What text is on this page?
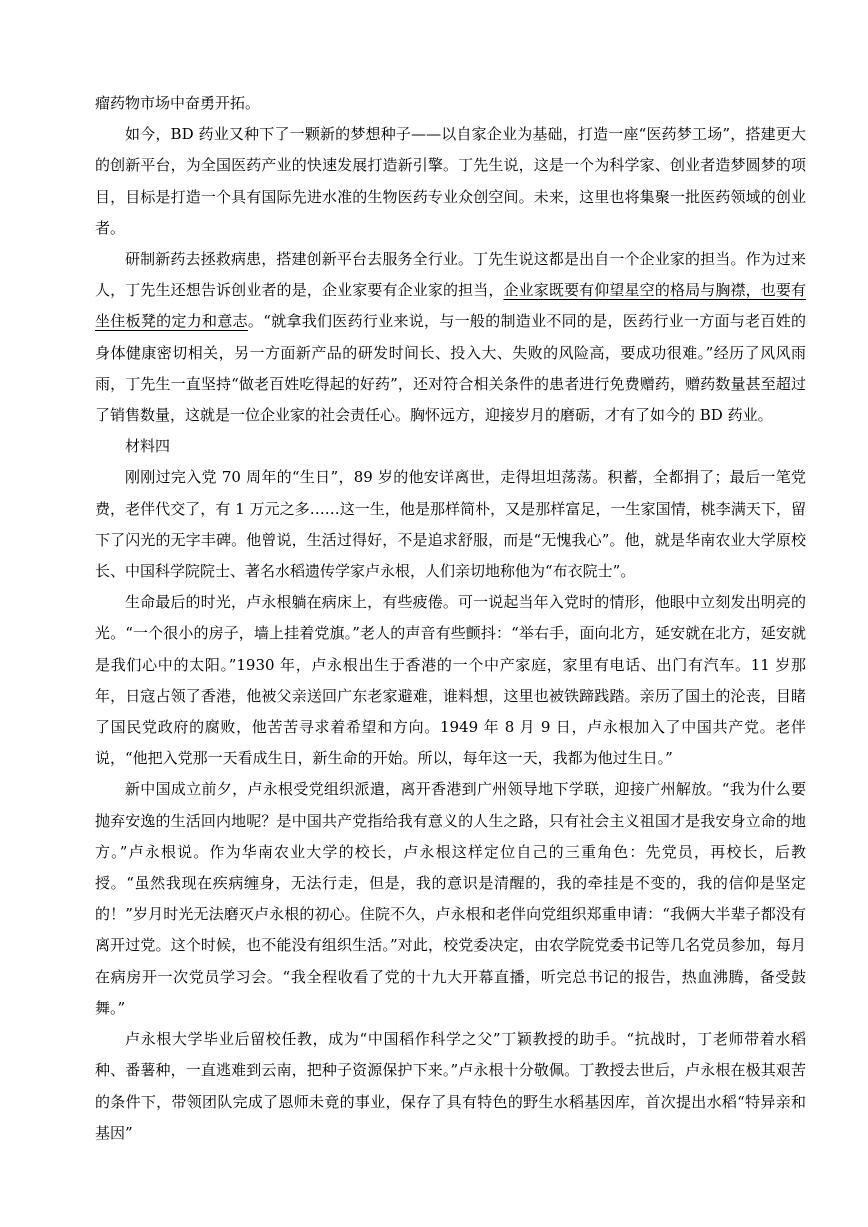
瘤药物市场中奋勇开拓。

如今，BD 药业又种下了一颗新的梦想种子——以自家企业为基础，打造一座“医药梦工场”，搭建更大的创新平台，为全国医药产业的快速发展打造新引擎。丁先生说，这是一个为科学家、创业者造梦圆梦的项目，目标是打造一个具有国际先进水准的生物医药专业众创空间。未来，这里也将集聚一批医药领域的创业者。

研制新药去拯救病患，搭建创新平台去服务全行业。丁先生说这都是出自一个企业家的担当。作为过来人，丁先生还想告诉创业者的是，企业家要有企业家的担当，企业家既要有仰望星空的格局与胸襟，也要有坐住板凳的定力和意志。“就拿我们医药行业来说，与一般的制造业不同的是，医药行业一方面与老百姓的身体健康密切相关，另一方面新产品的研发时间长、投入大、失败的风险高，要成功很难。”经历了风风雨雨，丁先生一直坚持“做老百姓吃得起的好药”，还对符合相关条件的患者进行免费赠药，赠药数量甚至超过了销售数量，这就是一位企业家的社会责任心。胸怀远方，迎接岁月的磨砺，才有了如今的 BD 药业。

材料四

刚刚过完入党 70 周年的“生日”，89 岁的他安详离世，走得坦坦荡荡。积蓄，全都捐了；最后一笔党费，老伴代交了，有 1 万元之多……这一生，他是那样简朴，又是那样富足，一生家国情，桃李满天下，留下了闪光的无字丰碑。他曾说，生活过得好，不是追求舒服，而是“无愧我心”。他，就是华南农业大学原校长、中国科学院院士、著名水稻遗传学家卢永根，人们亲切地称他为“布衣院士”。

生命最后的时光，卢永根躺在病床上，有些疲倦。可一说起当年入党时的情形，他眼中立刻发出明亮的光。“一个很小的房子，墙上挂着党旗。”老人的声音有些颤抖：“举右手，面向北方，延安就在北方，延安就是我们心中的太阳。”1930 年，卢永根出生于香港的一个中产家庭，家里有电话、出门有汽车。11 岁那年，日寇占领了香港，他被父亲送回广东老家避难，谁料想，这里也被铁蹄践踏。亲历了国土的沦丧，目睹了国民党政府的腐败，他苦苦寻求着希望和方向。1949 年 8 月 9 日，卢永根加入了中国共产党。老伴说，“他把入党那一天看成生日，新生命的开始。所以，每年这一天，我都为他过生日。”

新中国成立前夕，卢永根受党组织派遣，离开香港到广州领导地下学联，迎接广州解放。“我为什么要抛弃安逸的生活回内地呢？是中国共产党指给我有意义的人生之路，只有社会主义祖国才是我安身立命的地方。”卢永根说。作为华南农业大学的校长，卢永根这样定位自己的三重角色：先党员，再校长，后教授。“虽然我现在疾病缠身，无法行走，但是，我的意识是清醒的，我的牵挂是不变的，我的信仰是坚定的！”岁月时光无法磨灭卢永根的初心。住院不久，卢永根和老伴向党组织郑重申请：“我俩大半辈子都没有离开过党。这个时候，也不能没有组织生活。”对此，校党委决定，由农学院党委书记等几名党员参加，每月在病房开一次党员学习会。“我全程收看了党的十九大开幕直播，听完总书记的报告，热血沸腾，备受鼓舞。”

卢永根大学毕业后留校任教，成为“中国稻作科学之父”丁颖教授的助手。“抗战时，丁老师带着水稻种、番薯种，一直逃难到云南，把种子资源保护下来。”卢永根十分敬佩。丁教授去世后，卢永根在极其艰苦的条件下，带领团队完成了恩师未竟的事业，保存了具有特色的野生水稻基因库，首次提出水稻“特异亲和基因”
